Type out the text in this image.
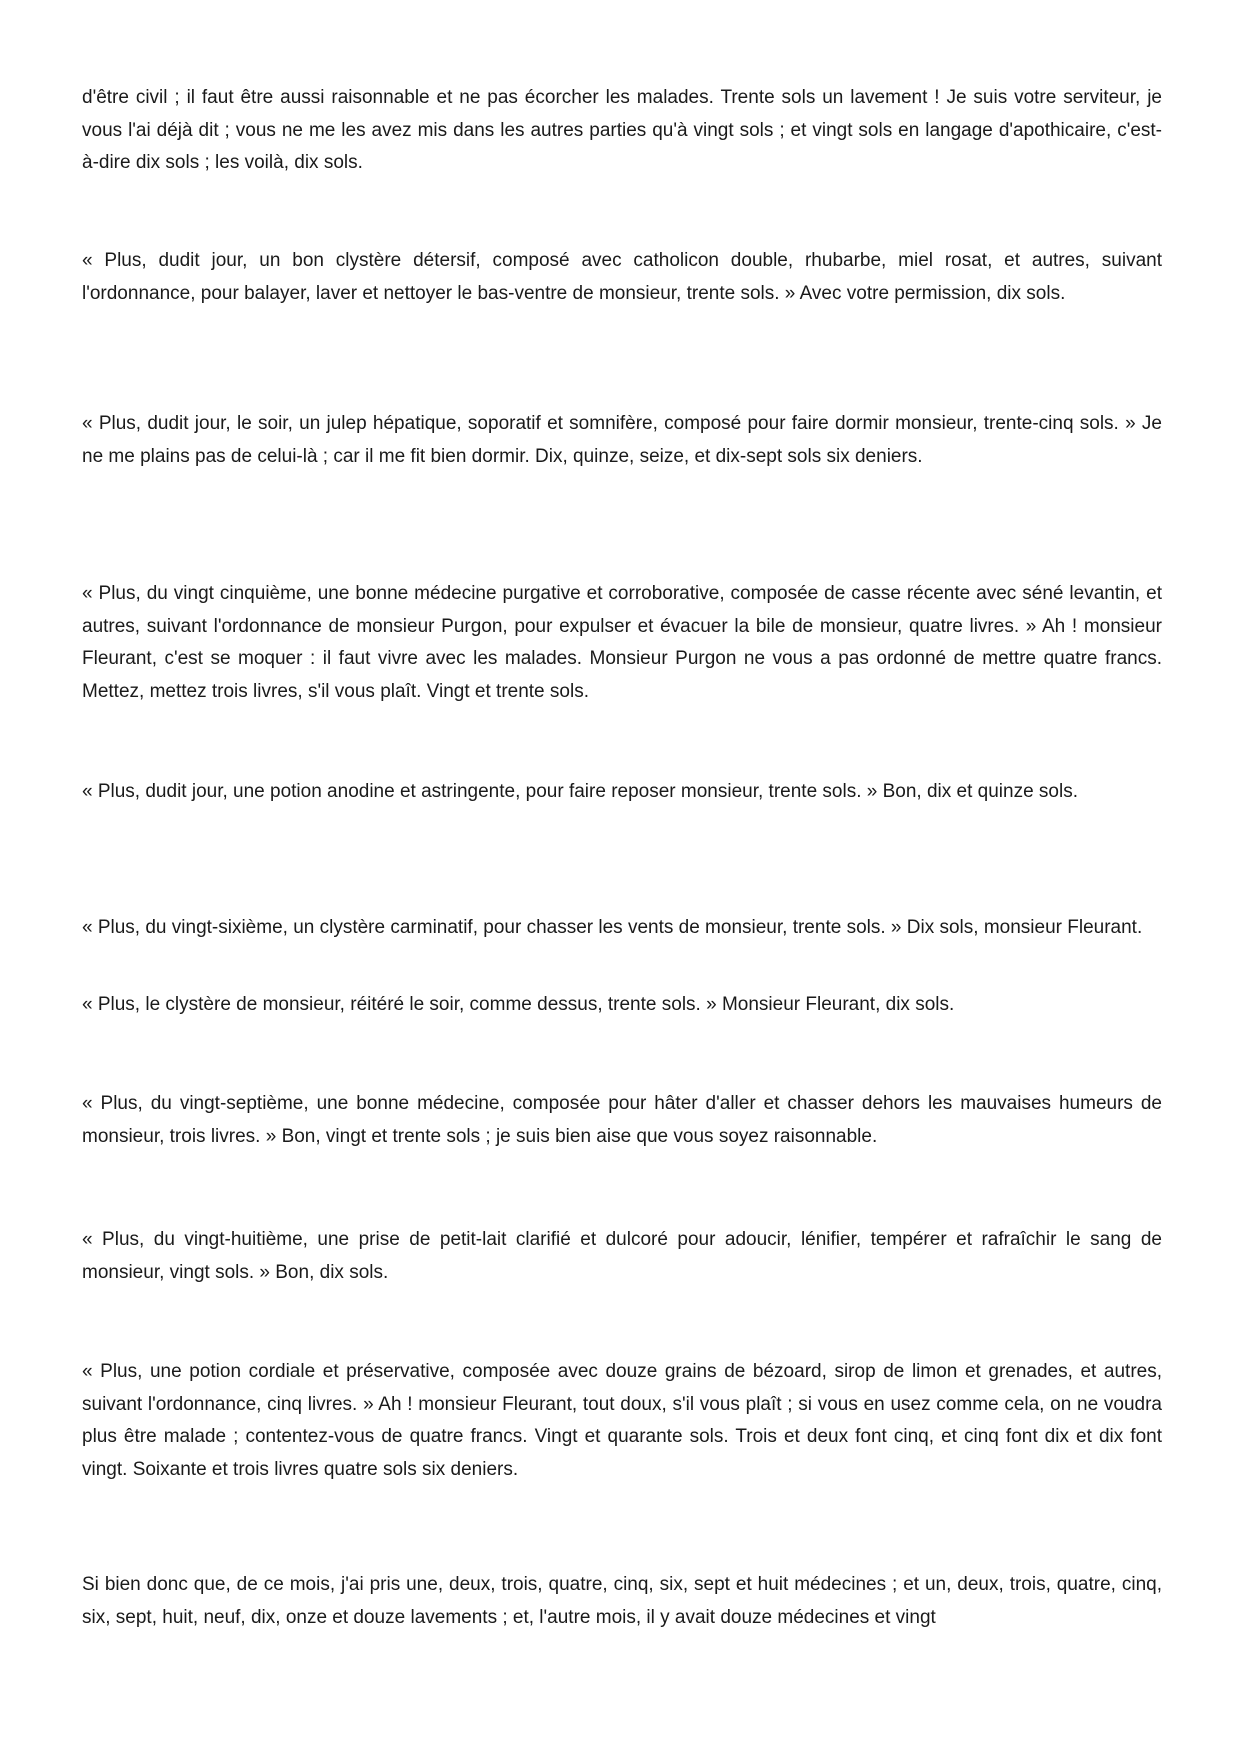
d'être civil ; il faut être aussi raisonnable et ne pas écorcher les malades. Trente sols un lavement ! Je suis votre serviteur, je vous l'ai déjà dit ; vous ne me les avez mis dans les autres parties qu'à vingt sols ; et vingt sols en langage d'apothicaire, c'est-à-dire dix sols ; les voilà, dix sols.

« Plus, dudit jour, un bon clystère détersif, composé avec catholicon double, rhubarbe, miel rosat, et autres, suivant l'ordonnance, pour balayer, laver et nettoyer le bas-ventre de monsieur, trente sols. » Avec votre permission, dix sols.

« Plus, dudit jour, le soir, un julep hépatique, soporatif et somnifère, composé pour faire dormir monsieur, trente-cinq sols. » Je ne me plains pas de celui-là ; car il me fit bien dormir. Dix, quinze, seize, et dix-sept sols six deniers.

« Plus, du vingt cinquième, une bonne médecine purgative et corroborative, composée de casse récente avec séné levantin, et autres, suivant l'ordonnance de monsieur Purgon, pour expulser et évacuer la bile de monsieur, quatre livres. » Ah ! monsieur Fleurant, c'est se moquer : il faut vivre avec les malades. Monsieur Purgon ne vous a pas ordonné de mettre quatre francs. Mettez, mettez trois livres, s'il vous plaît. Vingt et trente sols.

« Plus, dudit jour, une potion anodine et astringente, pour faire reposer monsieur, trente sols. » Bon, dix et quinze sols.

« Plus, du vingt-sixième, un clystère carminatif, pour chasser les vents de monsieur, trente sols. » Dix sols, monsieur Fleurant.

« Plus, le clystère de monsieur, réitéré le soir, comme dessus, trente sols. » Monsieur Fleurant, dix sols.

« Plus, du vingt-septième, une bonne médecine, composée pour hâter d'aller et chasser dehors les mauvaises humeurs de monsieur, trois livres. » Bon, vingt et trente sols ; je suis bien aise que vous soyez raisonnable.

« Plus, du vingt-huitième, une prise de petit-lait clarifié et dulcoré pour adoucir, lénifier, tempérer et rafraîchir le sang de monsieur, vingt sols. » Bon, dix sols.

« Plus, une potion cordiale et préservative, composée avec douze grains de bézoard, sirop de limon et grenades, et autres, suivant l'ordonnance, cinq livres. » Ah ! monsieur Fleurant, tout doux, s'il vous plaît ; si vous en usez comme cela, on ne voudra plus être malade ; contentez-vous de quatre francs. Vingt et quarante sols. Trois et deux font cinq, et cinq font dix et dix font vingt. Soixante et trois livres quatre sols six deniers.

Si bien donc que, de ce mois, j'ai pris une, deux, trois, quatre, cinq, six, sept et huit médecines ; et un, deux, trois, quatre, cinq, six, sept, huit, neuf, dix, onze et douze lavements ; et, l'autre mois, il y avait douze médecines et vingt
